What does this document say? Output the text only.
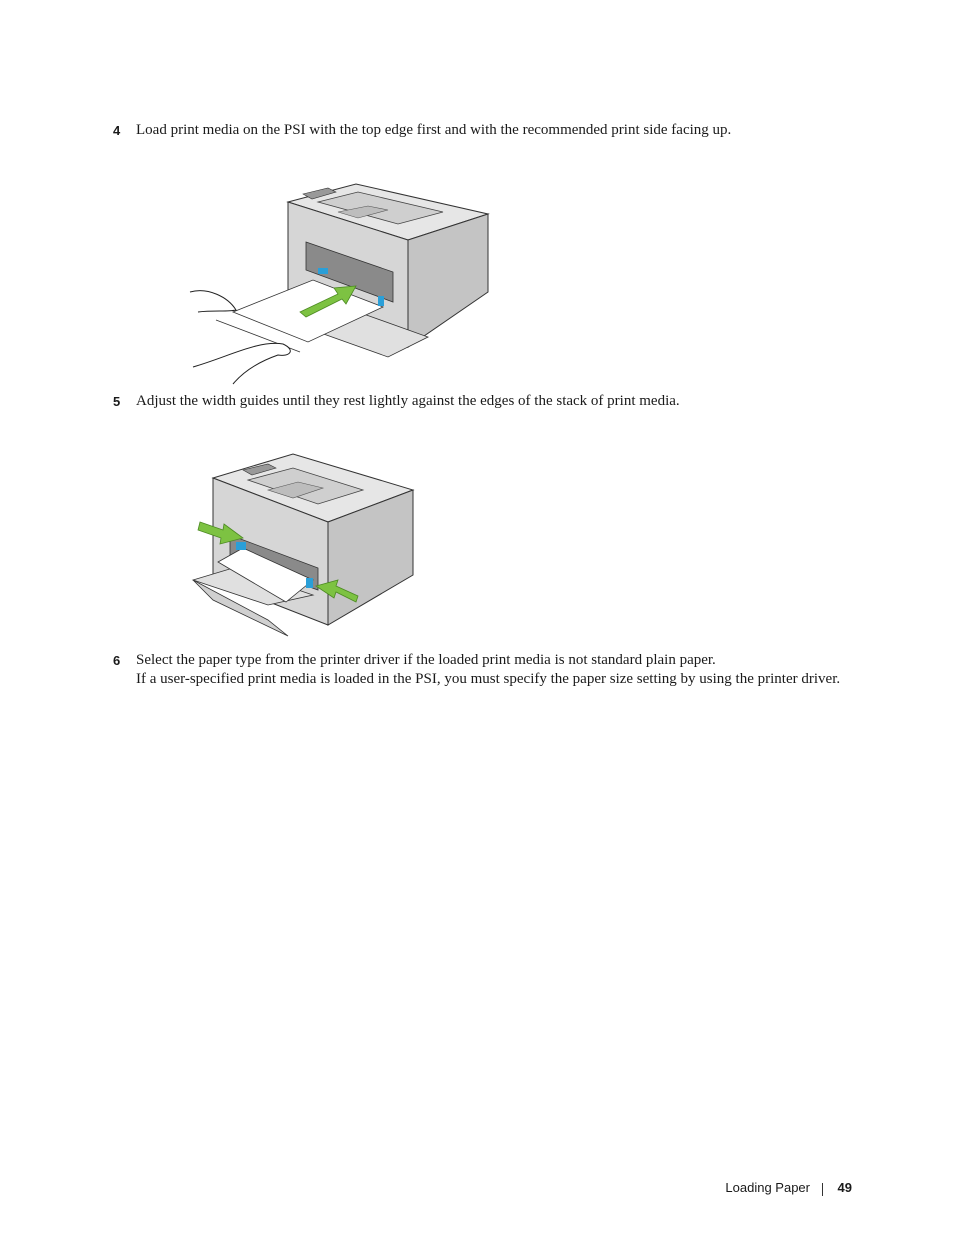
4 Load print media on the PSI with the top edge first and with the recommended print side facing up.
5 Adjust the width guides until they rest lightly against the edges of the stack of print media.
6 Select the paper type from the printer driver if the loaded print media is not standard plain paper.
If a user-specified print media is loaded in the PSI, you must specify the paper size setting by using the printer driver.
Loading Paper 49
